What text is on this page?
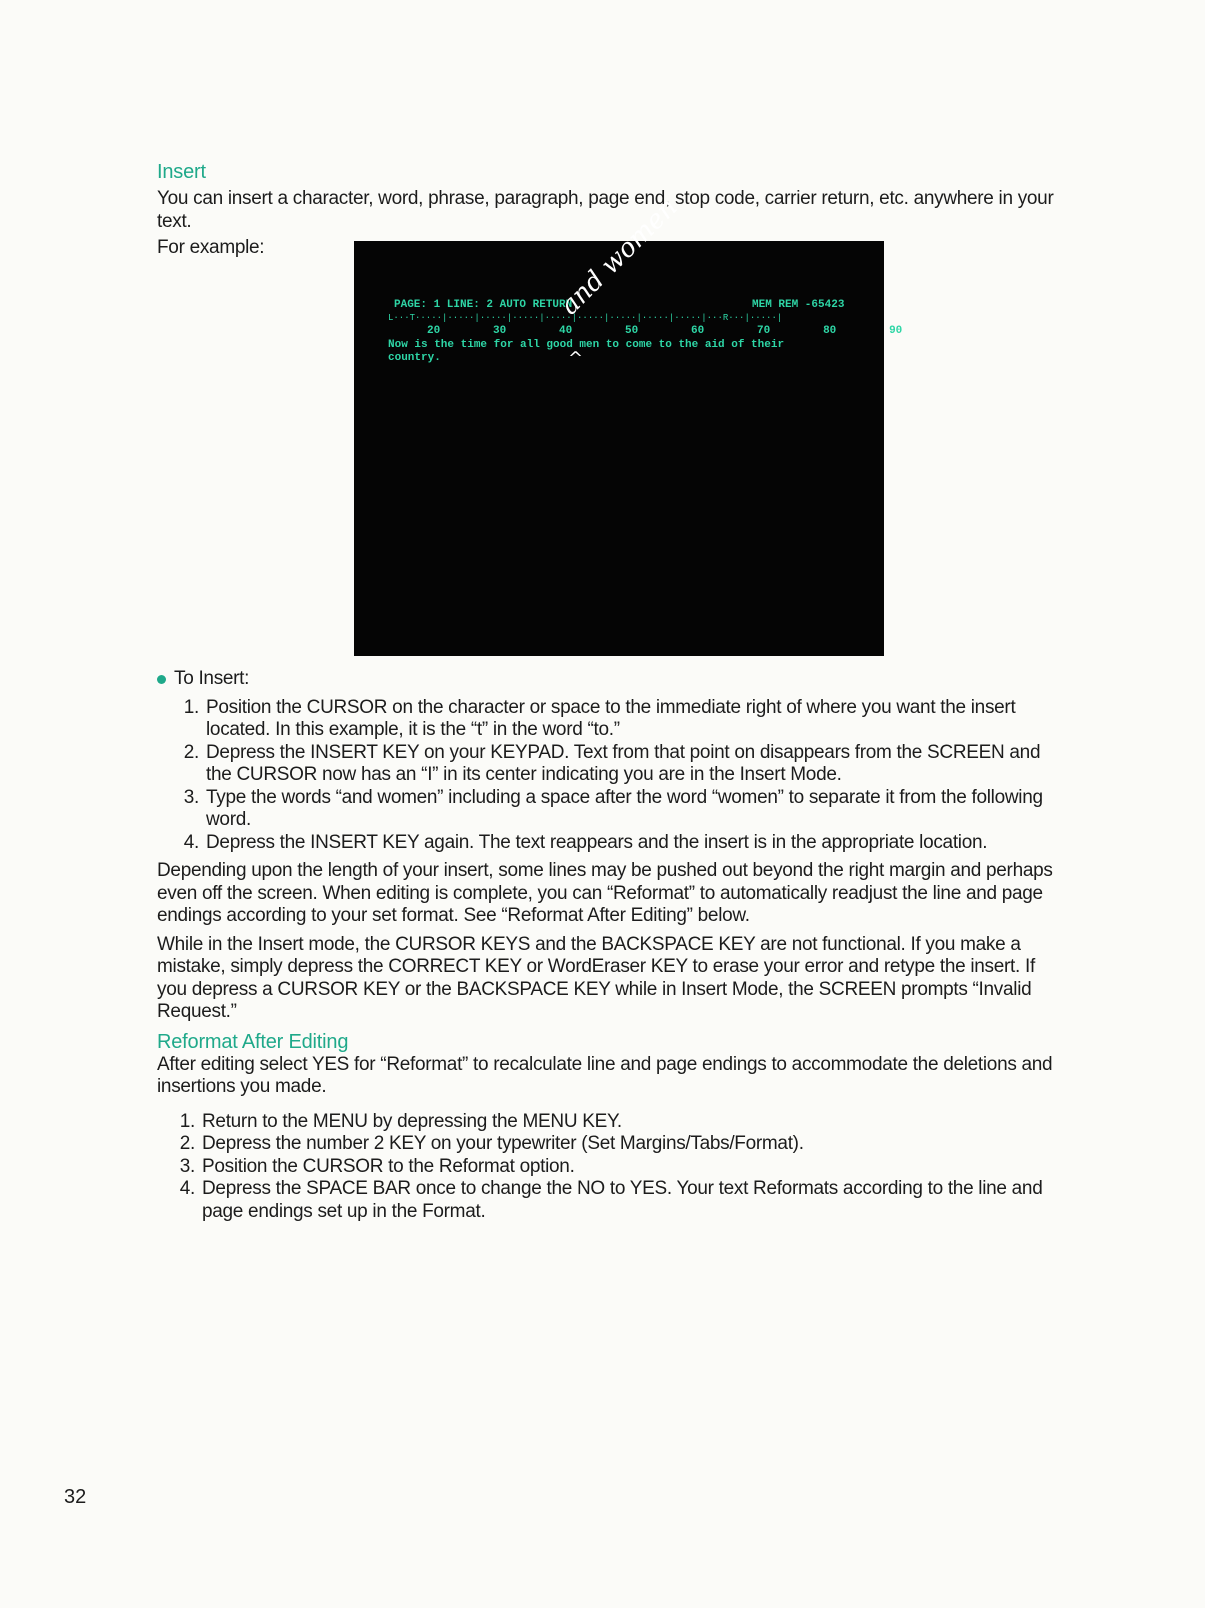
Insert

You can insert a character, word, phrase, paragraph, page end, stop code, carrier return, etc. anywhere in your text.

For example:
PAGE: 1 LINE: 2 AUTO RETURN	MEM REM -65423
L···T·····|·····|·····|·····|·····|·····|·····|·····|·····|···R···|·····|
20        30        40        50        60        70        80        90
Now is the time for all good men to come to the aid of their
country.
and women
^
To Insert:
1. Position the CURSOR on the character or space to the immediate right of where you want the insert located. In this example, it is the “t” in the word “to.”
2. Depress the INSERT KEY on your KEYPAD. Text from that point on disappears from the SCREEN and the CURSOR now has an “I” in its center indicating you are in the Insert Mode.
3. Type the words “and women” including a space after the word “women” to separate it from the following word.
4. Depress the INSERT KEY again. The text reappears and the insert is in the appropriate location.

Depending upon the length of your insert, some lines may be pushed out beyond the right margin and perhaps even off the screen. When editing is complete, you can “Reformat” to automatically readjust the line and page endings according to your set format. See “Reformat After Editing” below.

While in the Insert mode, the CURSOR KEYS and the BACKSPACE KEY are not functional. If you make a mistake, simply depress the CORRECT KEY or WordEraser KEY to erase your error and retype the insert. If you depress a CURSOR KEY or the BACKSPACE KEY while in Insert Mode, the SCREEN prompts “Invalid Request.”

Reformat After Editing

After editing select YES for “Reformat” to recalculate line and page endings to accommodate the deletions and insertions you made.

1. Return to the MENU by depressing the MENU KEY.
2. Depress the number 2 KEY on your typewriter (Set Margins/Tabs/Format).
3. Position the CURSOR to the Reformat option.
4. Depress the SPACE BAR once to change the NO to YES. Your text Reformats according to the line and page endings set up in the Format.
32
